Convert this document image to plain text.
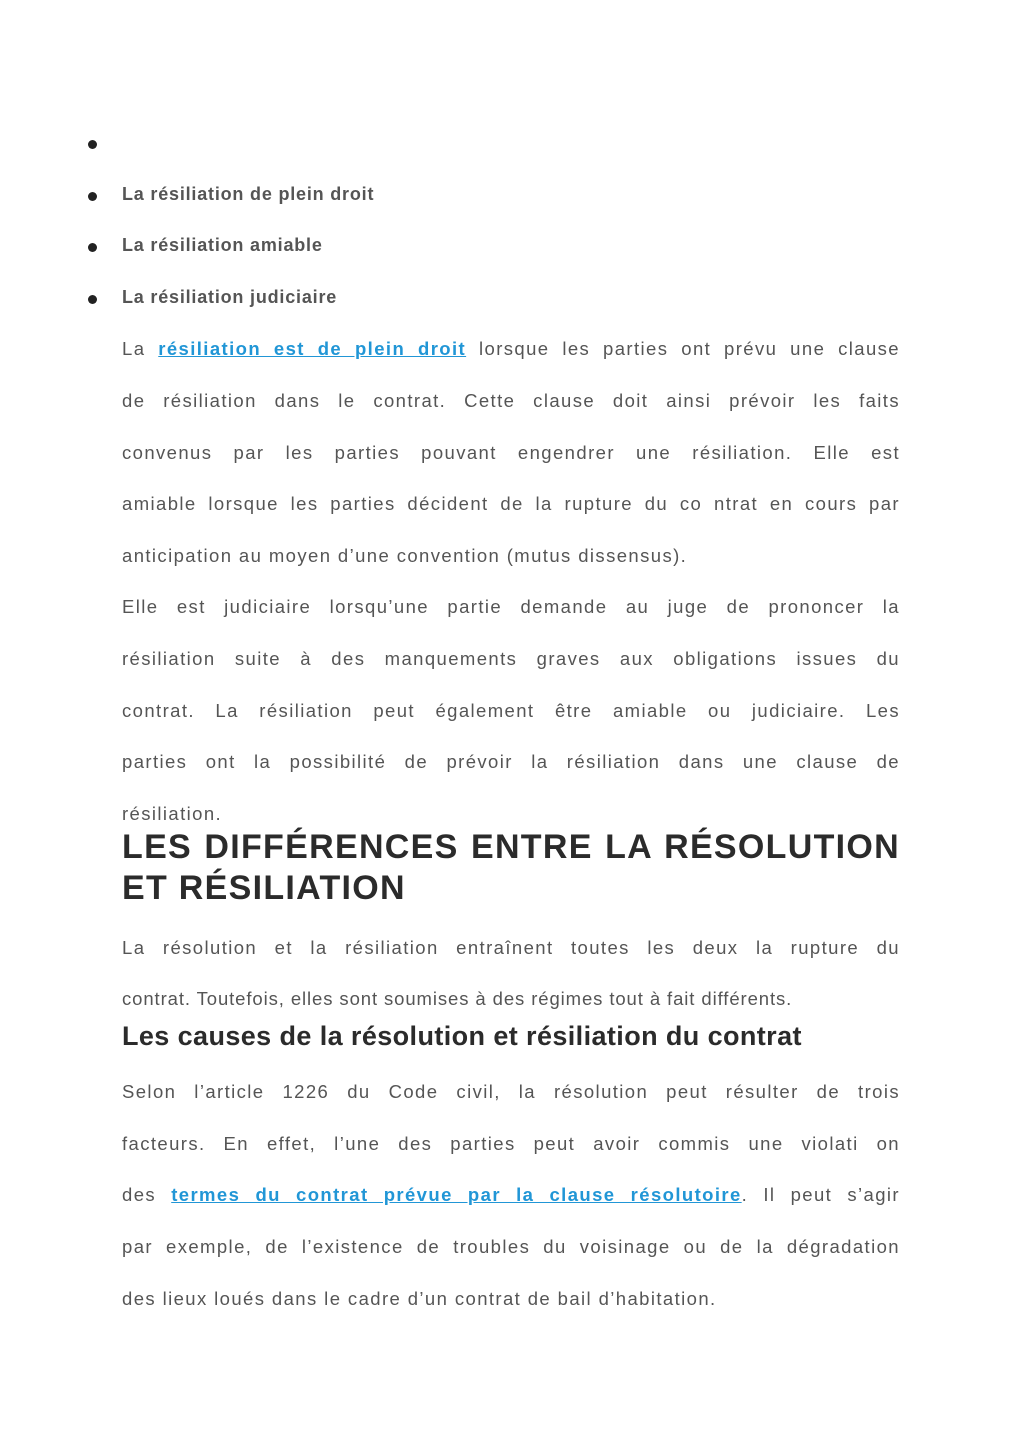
La résiliation de plein droit
La résiliation amiable
La résiliation judiciaire
La résiliation est de plein droit lorsque les parties ont prévu une clause
de résiliation dans le contrat. Cette clause doit ainsi prévoir les faits
convenus par les parties pouvant engendrer une résiliation. Elle est
amiable lorsque les parties décident de la rupture du co ntrat en cours par
anticipation au moyen d’une convention (mutus dissensus).
Elle est judiciaire lorsqu’une partie demande au juge de prononcer la
résiliation suite à des manquements graves aux obligations issues du
contrat. La résiliation peut également être amiable ou judiciaire. Les
parties ont la possibilité de prévoir la résiliation dans une clause de
résiliation.
LES DIFFÉRENCES ENTRE LA RÉSOLUTION
ET RÉSILIATION
La résolution et la résiliation entraînent toutes les deux la rupture du
contrat. Toutefois, elles sont soumises à des régimes tout à fait différents.
Les causes de la résolution et résiliation du contrat
Selon l’article 1226 du Code civil, la résolution peut résulter de trois
facteurs. En effet, l’une des parties peut avoir commis une violati on
des termes du contrat prévue par la clause résolutoire. Il peut s’agir
par exemple, de l’existence de troubles du voisinage ou de la dégradation
des lieux loués dans le cadre d’un contrat de bail d’habitation.
